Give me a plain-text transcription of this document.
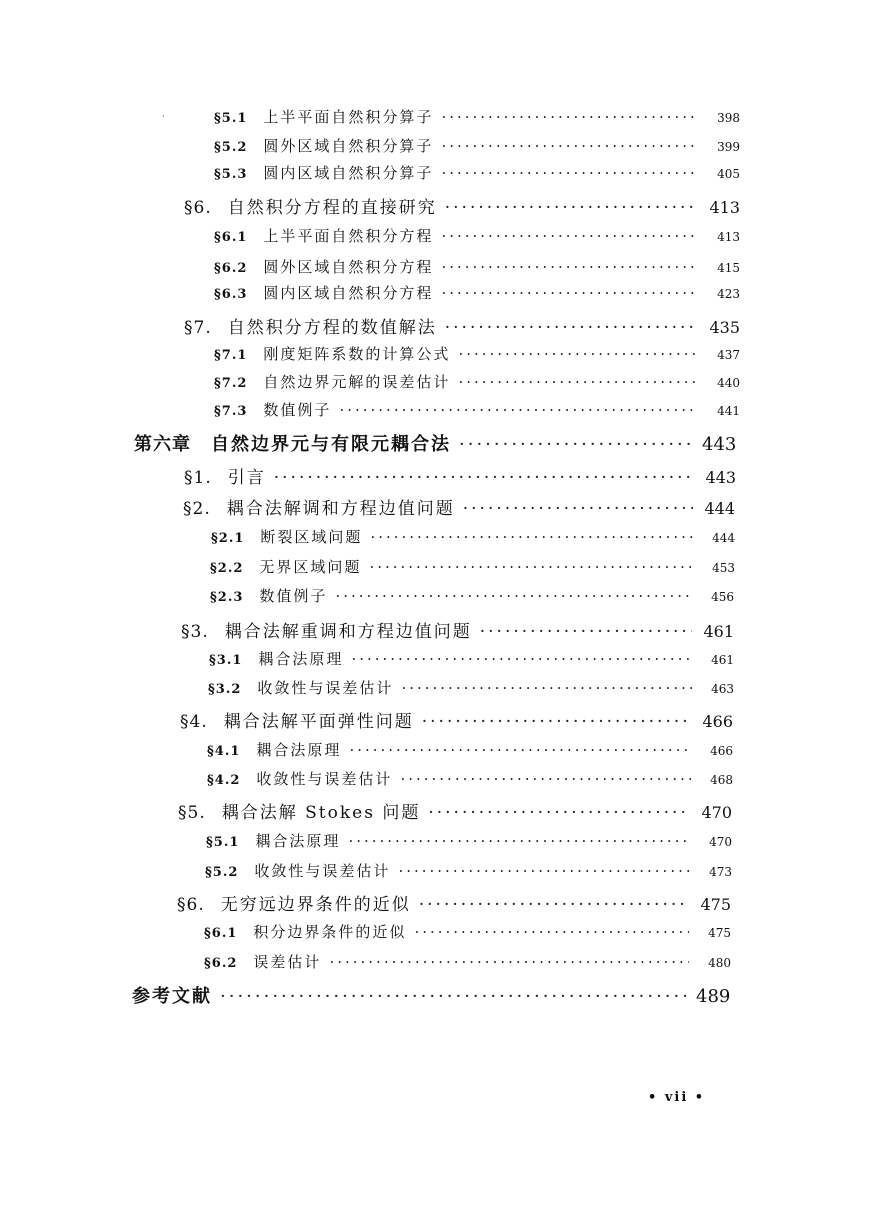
§5.1 上半平面自然积分算子 ·····	398
§5.2 圆外区域自然积分算子 ·····	399
§5.3 圆内区域自然积分算子 ·····	405
§6. 自然积分方程的直接研究 ·····	413
§6.1 上半平面自然积分方程 ·····	413
§6.2 圆外区域自然积分方程 ·····	415
§6.3 圆内区域自然积分方程 ·····	423
§7. 自然积分方程的数值解法 ·····	435
§7.1 刚度矩阵系数的计算公式 ·····	437
§7.2 自然边界元解的误差估计 ·····	440
§7.3 数值例子 ·····	441
第六章 自然边界元与有限元耦合法 ·····	443
§1. 引言 ·····	443
§2. 耦合法解调和方程边值问题 ·····	444
§2.1 断裂区域问题 ·····	444
§2.2 无界区域问题 ·····	453
§2.3 数值例子 ·····	456
§3. 耦合法解重调和方程边值问题 ·····	461
§3.1 耦合法原理 ·····	461
§3.2 收敛性与误差估计 ·····	463
§4. 耦合法解平面弹性问题 ·····	466
§4.1 耦合法原理 ·····	466
§4.2 收敛性与误差估计 ·····	468
§5. 耦合法解 Stokes 问题 ·····	470
§5.1 耦合法原理 ·····	470
§5.2 收敛性与误差估计 ·····	473
§6. 无穷远边界条件的近似 ·····	475
§6.1 积分边界条件的近似 ·····	475
§6.2 误差估计 ·····	480
参考文献 ·····	489
·
• vii •
